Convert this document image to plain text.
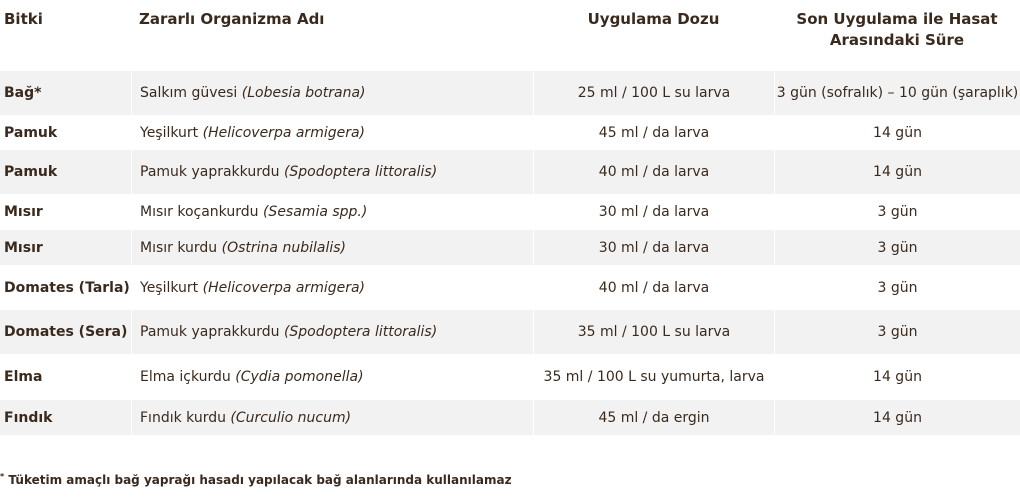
Bitki	Zararlı Organizma Adı	Uygulama Dozu	Son Uygulama ile Hasat
Arasındaki Süre
Bağ*	Salkım güvesi (Lobesia botrana)	25 ml / 100 L su larva	3 gün (sofralık) – 10 gün (şaraplık)
Pamuk	Yeşilkurt (Helicoverpa armigera)	45 ml / da larva	14 gün
Pamuk	Pamuk yaprakkurdu (Spodoptera littoralis)	40 ml / da larva	14 gün
Mısır	Mısır koçankurdu (Sesamia spp.)	30 ml / da larva	3 gün
Mısır	Mısır kurdu (Ostrina nubilalis)	30 ml / da larva	3 gün
Domates (Tarla)	Yeşilkurt (Helicoverpa armigera)	40 ml / da larva	3 gün
Domates (Sera)	Pamuk yaprakkurdu (Spodoptera littoralis)	35 ml / 100 L su larva	3 gün
Elma	Elma içkurdu (Cydia pomonella)	35 ml / 100 L su yumurta, larva	14 gün
Fındık	Fındık kurdu (Curculio nucum)	45 ml / da ergin	14 gün
* Tüketim amaçlı bağ yaprağı hasadı yapılacak bağ alanlarında kullanılamaz
